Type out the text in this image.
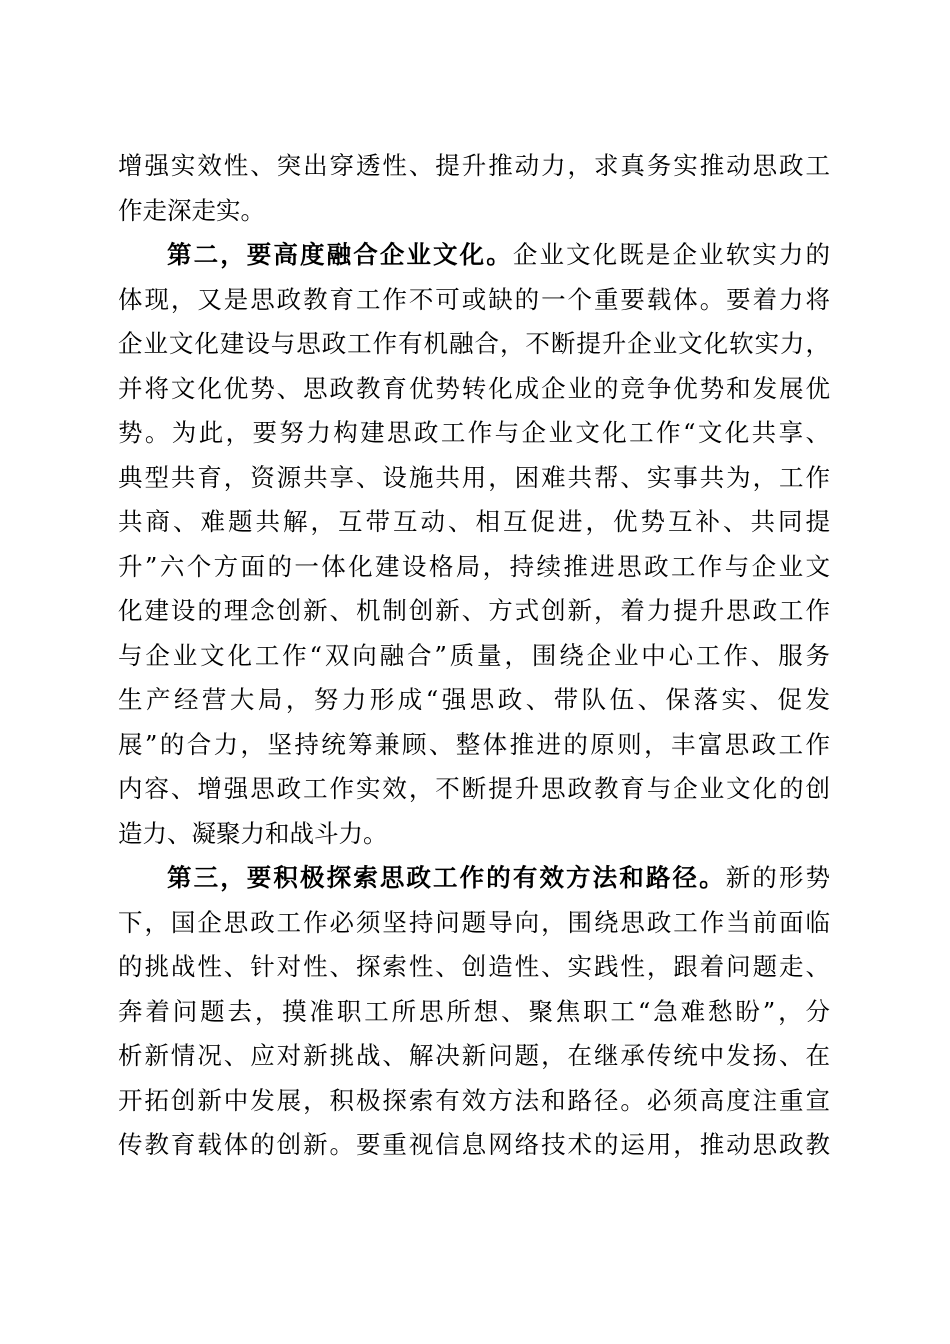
增强实效性、突出穿透性、提升推动力，求真务实推动思政工
作走深走实。
第二，要高度融合企业文化。企业文化既是企业软实力的
体现，又是思政教育工作不可或缺的一个重要载体。要着力将
企业文化建设与思政工作有机融合，不断提升企业文化软实力，
并将文化优势、思政教育优势转化成企业的竞争优势和发展优
势。为此，要努力构建思政工作与企业文化工作“文化共享、
典型共育，资源共享、设施共用，困难共帮、实事共为，工作
共商、难题共解，互带互动、相互促进，优势互补、共同提
升”六个方面的一体化建设格局，持续推进思政工作与企业文
化建设的理念创新、机制创新、方式创新，着力提升思政工作
与企业文化工作“双向融合”质量，围绕企业中心工作、服务
生产经营大局，努力形成“强思政、带队伍、保落实、促发
展”的合力，坚持统筹兼顾、整体推进的原则，丰富思政工作
内容、增强思政工作实效，不断提升思政教育与企业文化的创
造力、凝聚力和战斗力。
第三，要积极探索思政工作的有效方法和路径。新的形势
下，国企思政工作必须坚持问题导向，围绕思政工作当前面临
的挑战性、针对性、探索性、创造性、实践性，跟着问题走、
奔着问题去，摸准职工所思所想、聚焦职工“急难愁盼”，分
析新情况、应对新挑战、解决新问题，在继承传统中发扬、在
开拓创新中发展，积极探索有效方法和路径。必须高度注重宣
传教育载体的创新。要重视信息网络技术的运用，推动思政教
